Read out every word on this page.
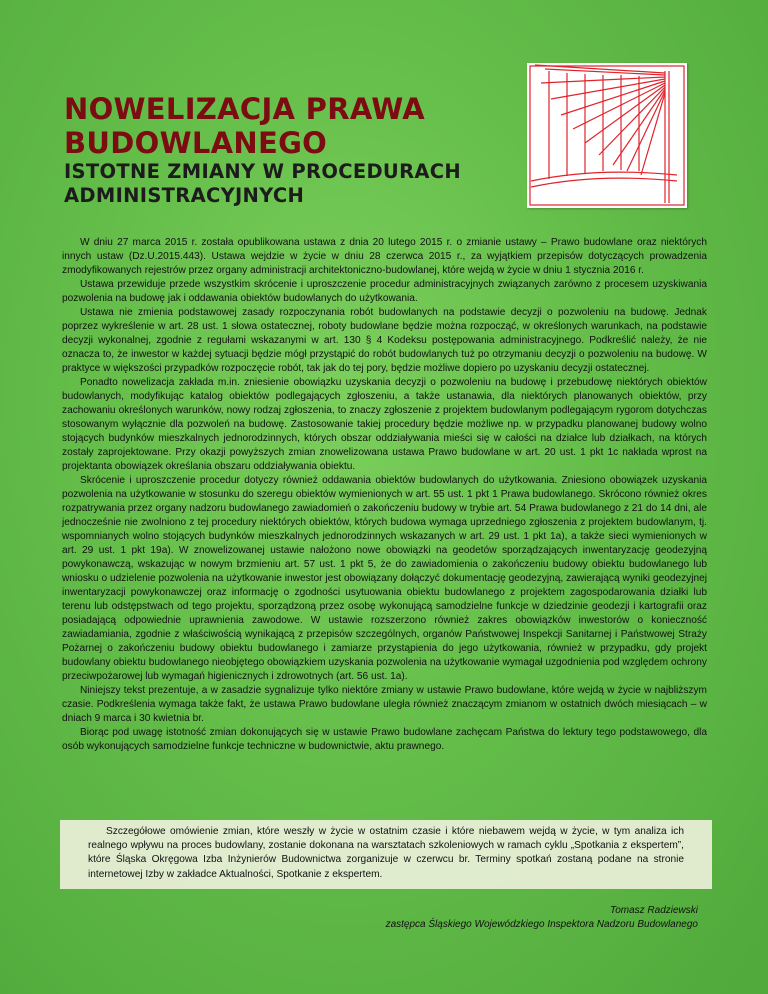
NOWELIZACJA PRAWA
BUDOWLANEGO
ISTOTNE ZMIANY W PROCEDURACH
ADMINISTRACYJNYCH

W dniu 27 marca 2015 r. została opublikowana ustawa z dnia 20 lutego 2015 r. o zmianie ustawy – Prawo budowlane oraz niektórych innych ustaw (Dz.U.2015.443). Ustawa wejdzie w życie w dniu 28 czerwca 2015 r., za wyjątkiem przepisów dotyczących prowadzenia zmodyfikowanych rejestrów przez organy administracji architektoniczno-budowlanej, które wejdą w życie w dniu 1 stycznia 2016 r.

Ustawa przewiduje przede wszystkim skrócenie i uproszczenie procedur administracyjnych związanych zarówno z procesem uzyskiwania pozwolenia na budowę jak i oddawania obiektów budowlanych do użytkowania.

Ustawa nie zmienia podstawowej zasady rozpoczynania robót budowlanych na podstawie decyzji o pozwoleniu na budowę. Jednak poprzez wykreślenie w art. 28 ust. 1 słowa ostatecznej, roboty budowlane będzie można rozpocząć, w określonych warunkach, na podstawie decyzji wykonalnej, zgodnie z regułami wskazanymi w art. 130 § 4 Kodeksu postępowania administracyjnego. Podkreślić należy, że nie oznacza to, że inwestor w każdej sytuacji będzie mógł przystąpić do robót budowlanych tuż po otrzymaniu decyzji o pozwoleniu na budowę. W praktyce w większości przypadków rozpoczęcie robót, tak jak do tej pory, będzie możliwe dopiero po uzyskaniu decyzji ostatecznej.

Ponadto nowelizacja zakłada m.in. zniesienie obowiązku uzyskania decyzji o pozwoleniu na budowę i przebudowę niektórych obiektów budowlanych, modyfikując katalog obiektów podlegających zgłoszeniu, a także ustanawia, dla niektórych planowanych obiektów, przy zachowaniu określonych warunków, nowy rodzaj zgłoszenia, to znaczy zgłoszenie z projektem budowlanym podlegającym rygorom dotychczas stosowanym wyłącznie dla pozwoleń na budowę. Zastosowanie takiej procedury będzie możliwe np. w przypadku planowanej budowy wolno stojących budynków mieszkalnych jednorodzinnych, których obszar oddziaływania mieści się w całości na działce lub działkach, na których zostały zaprojektowane. Przy okazji powyższych zmian znowelizowana ustawa Prawo budowlane w art. 20 ust. 1 pkt 1c nakłada wprost na projektanta obowiązek określania obszaru oddziaływania obiektu.

Skrócenie i uproszczenie procedur dotyczy również oddawania obiektów budowlanych do użytkowania. Zniesiono obowiązek uzyskania pozwolenia na użytkowanie w stosunku do szeregu obiektów wymienionych w art. 55 ust. 1 pkt 1 Prawa budowlanego. Skrócono również okres rozpatrywania przez organy nadzoru budowlanego zawiadomień o zakończeniu budowy w trybie art. 54 Prawa budowlanego z 21 do 14 dni, ale jednocześnie nie zwolniono z tej procedury niektórych obiektów, których budowa wymaga uprzedniego zgłoszenia z projektem budowlanym, tj. wspomnianych wolno stojących budynków mieszkalnych jednorodzinnych wskazanych w art. 29 ust. 1 pkt 1a), a także sieci wymienionych w art. 29 ust. 1 pkt 19a). W znowelizowanej ustawie nałożono nowe obowiązki na geodetów sporządzających inwentaryzację geodezyjną powykonawczą, wskazując w nowym brzmieniu art. 57 ust. 1 pkt 5, że do zawiadomienia o zakończeniu budowy obiektu budowlanego lub wniosku o udzielenie pozwolenia na użytkowanie inwestor jest obowiązany dołączyć dokumentację geodezyjną, zawierającą wyniki geodezyjnej inwentaryzacji powykonawczej oraz informację o zgodności usytuowania obiektu budowlanego z projektem zagospodarowania działki lub terenu lub odstępstwach od tego projektu, sporządzoną przez osobę wykonującą samodzielne funkcje w dziedzinie geodezji i kartografii oraz posiadającą odpowiednie uprawnienia zawodowe. W ustawie rozszerzono również zakres obowiązków inwestorów o konieczność zawiadamiania, zgodnie z właściwością wynikającą z przepisów szczególnych, organów Państwowej Inspekcji Sanitarnej i Państwowej Straży Pożarnej o zakończeniu budowy obiektu budowlanego i zamiarze przystąpienia do jego użytkowania, również w przypadku, gdy projekt budowlany obiektu budowlanego nieobjętego obowiązkiem uzyskania pozwolenia na użytkowanie wymagał uzgodnienia pod względem ochrony przeciwpożarowej lub wymagań higienicznych i zdrowotnych (art. 56 ust. 1a).

Niniejszy tekst prezentuje, a w zasadzie sygnalizuje tylko niektóre zmiany w ustawie Prawo budowlane, które wejdą w życie w najbliższym czasie. Podkreślenia wymaga także fakt, że ustawa Prawo budowlane uległa również znaczącym zmianom w ostatnich dwóch miesiącach – w dniach 9 marca i 30 kwietnia br.

Biorąc pod uwagę istotność zmian dokonujących się w ustawie Prawo budowlane zachęcam Państwa do lektury tego podstawowego, dla osób wykonujących samodzielne funkcje techniczne w budownictwie, aktu prawnego.

Szczegółowe omówienie zmian, które weszły w życie w ostatnim czasie i które niebawem wejdą w życie, w tym analiza ich realnego wpływu na proces budowlany, zostanie dokonana na warsztatach szkoleniowych w ramach cyklu „Spotkania z ekspertem”, które Śląska Okręgowa Izba Inżynierów Budownictwa zorganizuje w czerwcu br. Terminy spotkań zostaną podane na stronie internetowej Izby w zakładce Aktualności, Spotkanie z ekspertem.

Tomasz Radziewski
zastępca Śląskiego Wojewódzkiego Inspektora Nadzoru Budowlanego
